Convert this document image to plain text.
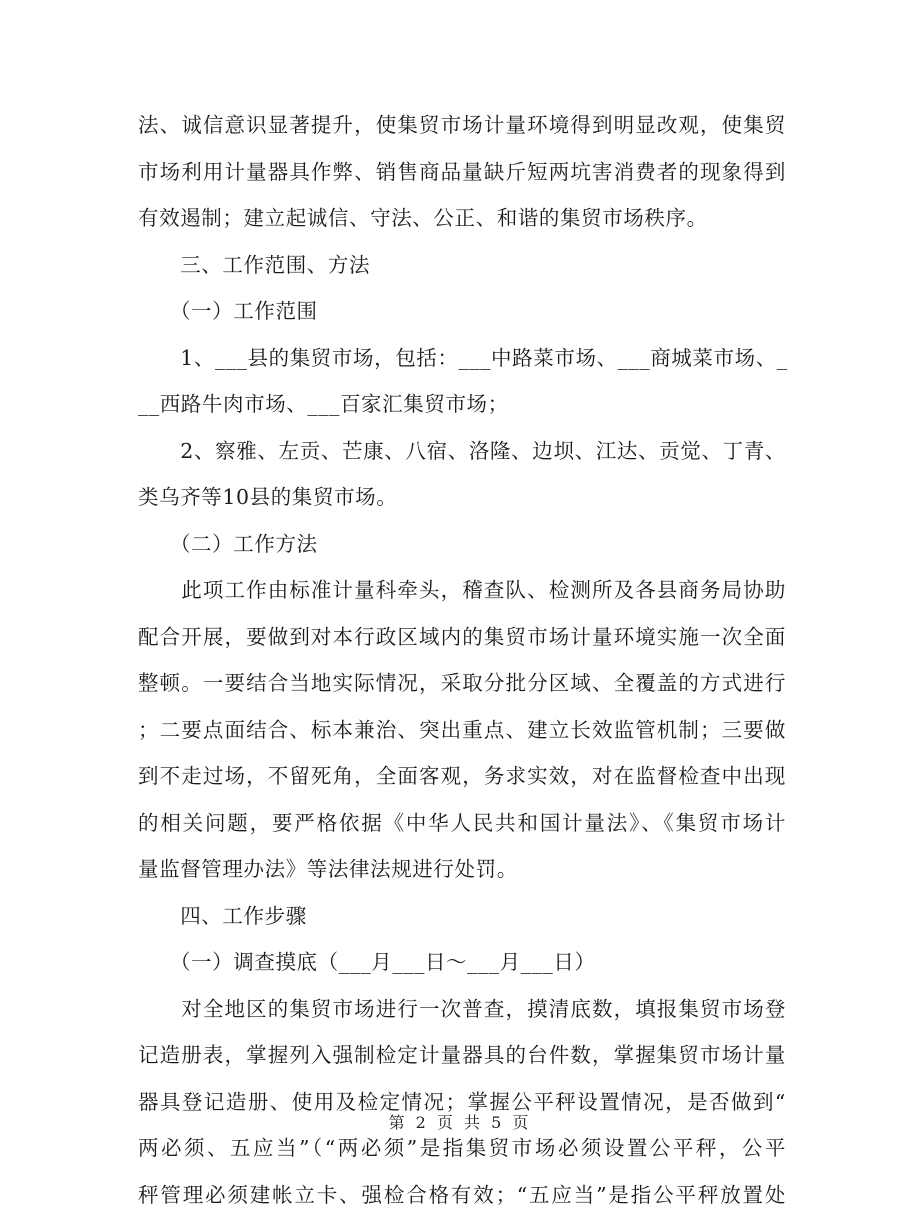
法、诚信意识显著提升，使集贸市场计量环境得到明显改观，使集贸
市场利用计量器具作弊、销售商品量缺斤短两坑害消费者的现象得到
有效遏制；建立起诚信、守法、公正、和谐的集贸市场秩序。
　　三、工作范围、方法
　　（一）工作范围
　　1、___县的集贸市场，包括：___中路菜市场、___商城菜市场、_
__西路牛肉市场、___百家汇集贸市场；
　　2、察雅、左贡、芒康、八宿、洛隆、边坝、江达、贡觉、丁青、
类乌齐等10县的集贸市场。
　　（二）工作方法
　　此项工作由标准计量科牵头，稽查队、检测所及各县商务局协助
配合开展，要做到对本行政区域内的集贸市场计量环境实施一次全面
整顿。一要结合当地实际情况，采取分批分区域、全覆盖的方式进行
；二要点面结合、标本兼治、突出重点、建立长效监管机制；三要做
到不走过场，不留死角，全面客观，务求实效，对在监督检查中出现
的相关问题，要严格依据《中华人民共和国计量法》、《集贸市场计
量监督管理办法》等法律法规进行处罚。
　　四、工作步骤
　　（一）调查摸底（___月___日～___月___日）
　　对全地区的集贸市场进行一次普查，摸清底数，填报集贸市场登
记造册表，掌握列入强制检定计量器具的台件数，掌握集贸市场计量
器具登记造册、使用及检定情况；掌握公平秤设置情况，是否做到“
两必须、五应当”（“两必须”是指集贸市场必须设置公平秤，公平
秤管理必须建帐立卡、强检合格有效；“五应当”是指公平秤放置处
第 2 页 共 5 页
